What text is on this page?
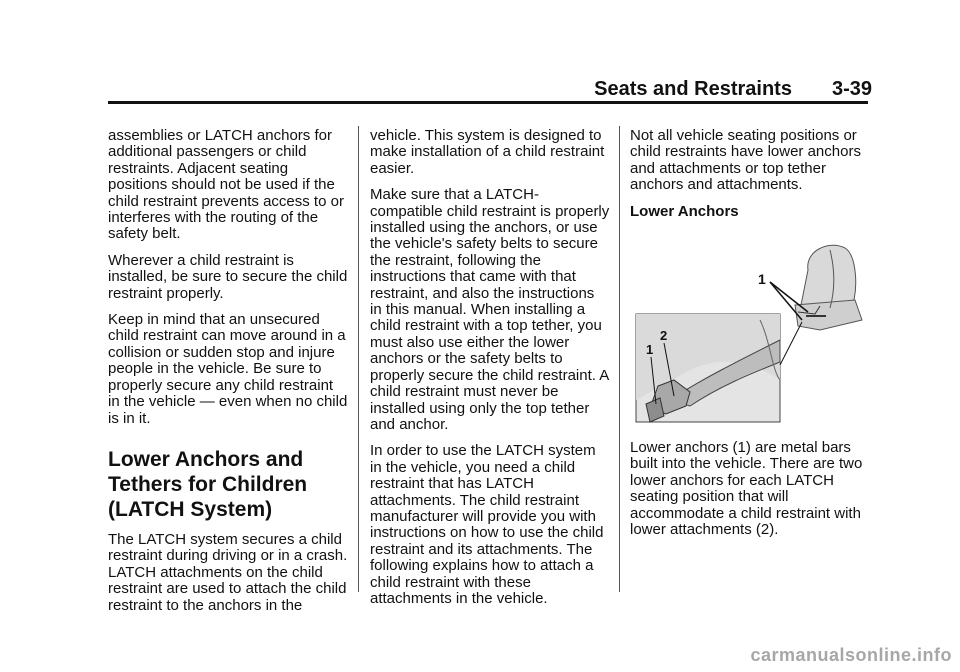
Seats and Restraints 3-39

assemblies or LATCH anchors for additional passengers or child restraints. Adjacent seating positions should not be used if the child restraint prevents access to or interferes with the routing of the safety belt.

Wherever a child restraint is installed, be sure to secure the child restraint properly.

Keep in mind that an unsecured child restraint can move around in a collision or sudden stop and injure people in the vehicle. Be sure to properly secure any child restraint in the vehicle — even when no child is in it.

Lower Anchors and Tethers for Children (LATCH System)

The LATCH system secures a child restraint during driving or in a crash. LATCH attachments on the child restraint are used to attach the child restraint to the anchors in the

vehicle. This system is designed to make installation of a child restraint easier.

Make sure that a LATCH-compatible child restraint is properly installed using the anchors, or use the vehicle's safety belts to secure the restraint, following the instructions that came with that restraint, and also the instructions in this manual. When installing a child restraint with a top tether, you must also use either the lower anchors or the safety belts to properly secure the child restraint. A child restraint must never be installed using only the top tether and anchor.

In order to use the LATCH system in the vehicle, you need a child restraint that has LATCH attachments. The child restraint manufacturer will provide you with instructions on how to use the child restraint and its attachments. The following explains how to attach a child restraint with these attachments in the vehicle.

Not all vehicle seating positions or child restraints have lower anchors and attachments or top tether anchors and attachments.

Lower Anchors

1
2
1

Lower anchors (1) are metal bars built into the vehicle. There are two lower anchors for each LATCH seating position that will accommodate a child restraint with lower attachments (2).

carmanualsonline.info
